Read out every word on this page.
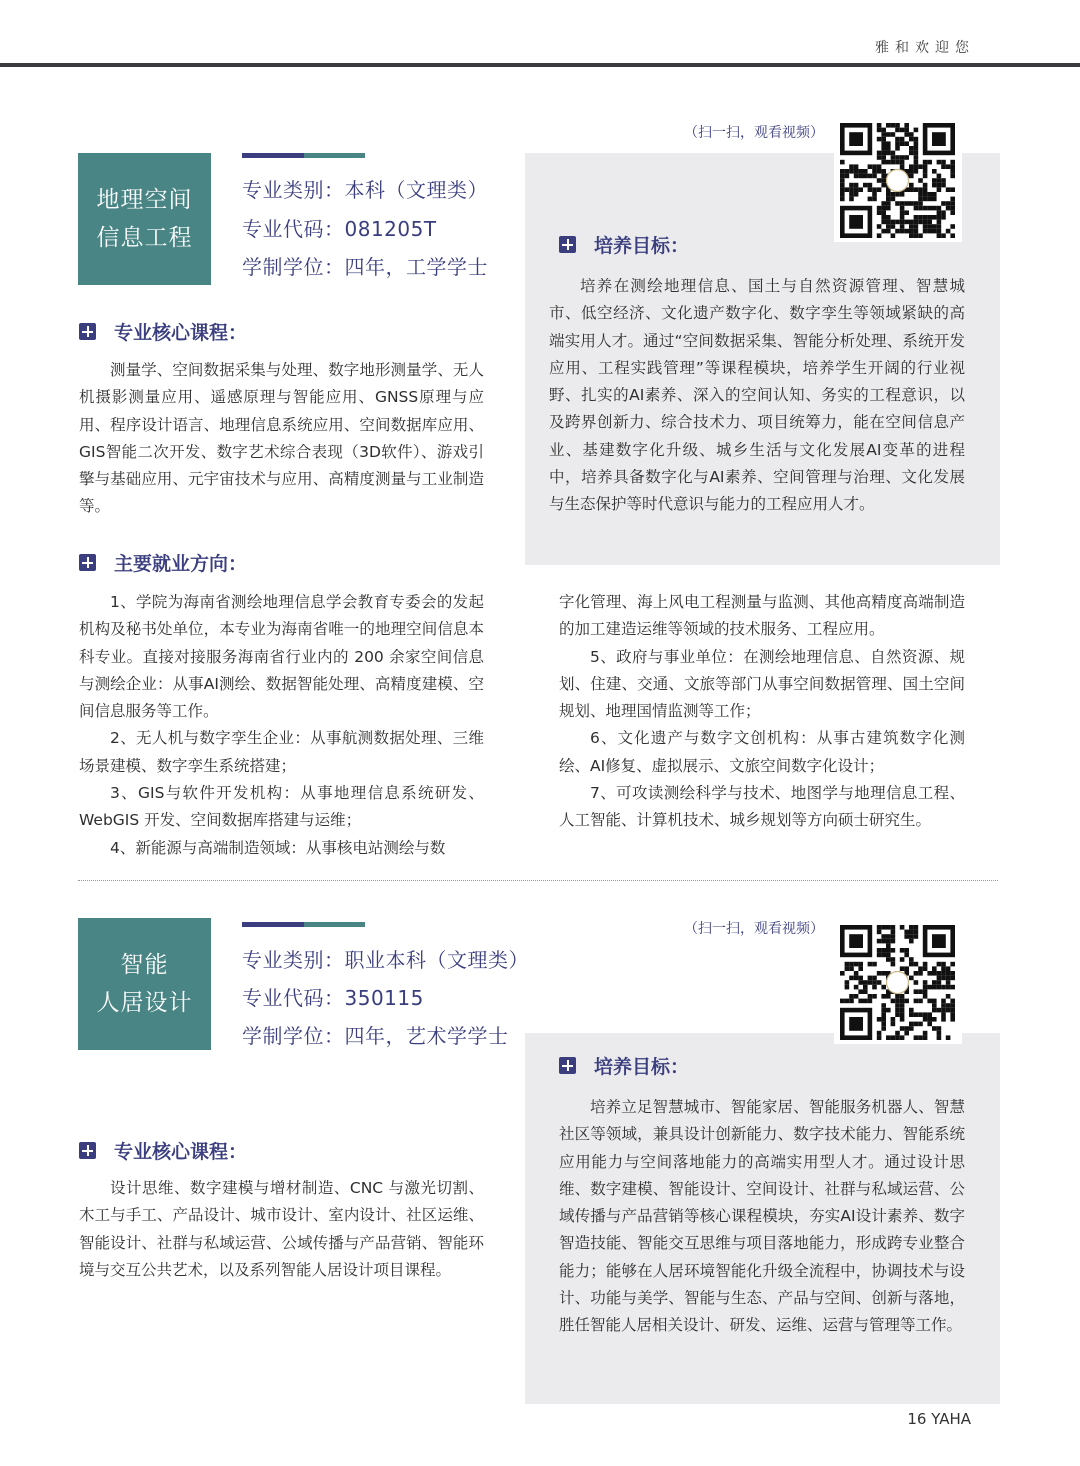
雅和欢迎您
地理空间
信息工程
专业类别：本科（文理类）
专业代码：081205T
学制学位：四年，工学学士
（扫一扫，观看视频）
培养目标：

培养在测绘地理信息、国土与自然资源管理、智慧城市、低空经济、文化遗产数字化、数字孪生等领域紧缺的高端实用人才。通过“空间数据采集、智能分析处理、系统开发应用、工程实践管理”等课程模块，培养学生开阔的行业视野、扎实的AI素养、深入的空间认知、务实的工程意识，以及跨界创新力、综合技术力、项目统筹力，能在空间信息产业、基建数字化升级、城乡生活与文化发展AI变革的进程中，培养具备数字化与AI素养、空间管理与治理、文化发展与生态保护等时代意识与能力的工程应用人才。

专业核心课程：

测量学、空间数据采集与处理、数字地形测量学、无人机摄影测量应用、遥感原理与智能应用、GNSS原理与应用、程序设计语言、地理信息系统应用、空间数据库应用、GIS智能二次开发、数字艺术综合表现（3D软件）、游戏引擎与基础应用、元宇宙技术与应用、高精度测量与工业制造等。

主要就业方向：

1、学院为海南省测绘地理信息学会教育专委会的发起机构及秘书处单位，本专业为海南省唯一的地理空间信息本科专业。直接对接服务海南省行业内的 200 余家空间信息与测绘企业：从事AI测绘、数据智能处理、高精度建模、空间信息服务等工作。

2、无人机与数字孪生企业：从事航测数据处理、三维场景建模、数字孪生系统搭建；

3、GIS与软件开发机构：从事地理信息系统研发、WebGIS 开发、空间数据库搭建与运维；

4、新能源与高端制造领域：从事核电站测绘与数

字化管理、海上风电工程测量与监测、其他高精度高端制造的加工建造运维等领域的技术服务、工程应用。

5、政府与事业单位：在测绘地理信息、自然资源、规划、住建、交通、文旅等部门从事空间数据管理、国土空间规划、地理国情监测等工作；

6、文化遗产与数字文创机构：从事古建筑数字化测绘、AI修复、虚拟展示、文旅空间数字化设计；

7、可攻读测绘科学与技术、地图学与地理信息工程、人工智能、计算机技术、城乡规划等方向硕士研究生。

智能
人居设计
专业类别：职业本科（文理类）
专业代码：350115
学制学位：四年，艺术学学士
（扫一扫，观看视频）
培养目标：

培养立足智慧城市、智能家居、智能服务机器人、智慧社区等领域，兼具设计创新能力、数字技术能力、智能系统应用能力与空间落地能力的高端实用型人才。通过设计思维、数字建模、智能设计、空间设计、社群与私域运营、公域传播与产品营销等核心课程模块，夯实AI设计素养、数字智造技能、智能交互思维与项目落地能力，形成跨专业整合能力；能够在人居环境智能化升级全流程中，协调技术与设计、功能与美学、智能与生态、产品与空间、创新与落地，胜任智能人居相关设计、研发、运维、运营与管理等工作。

专业核心课程：

设计思维、数字建模与增材制造、CNC 与激光切割、木工与手工、产品设计、城市设计、室内设计、社区运维、智能设计、社群与私域运营、公域传播与产品营销、智能环境与交互公共艺术，以及系列智能人居设计项目课程。

16 YAHA
